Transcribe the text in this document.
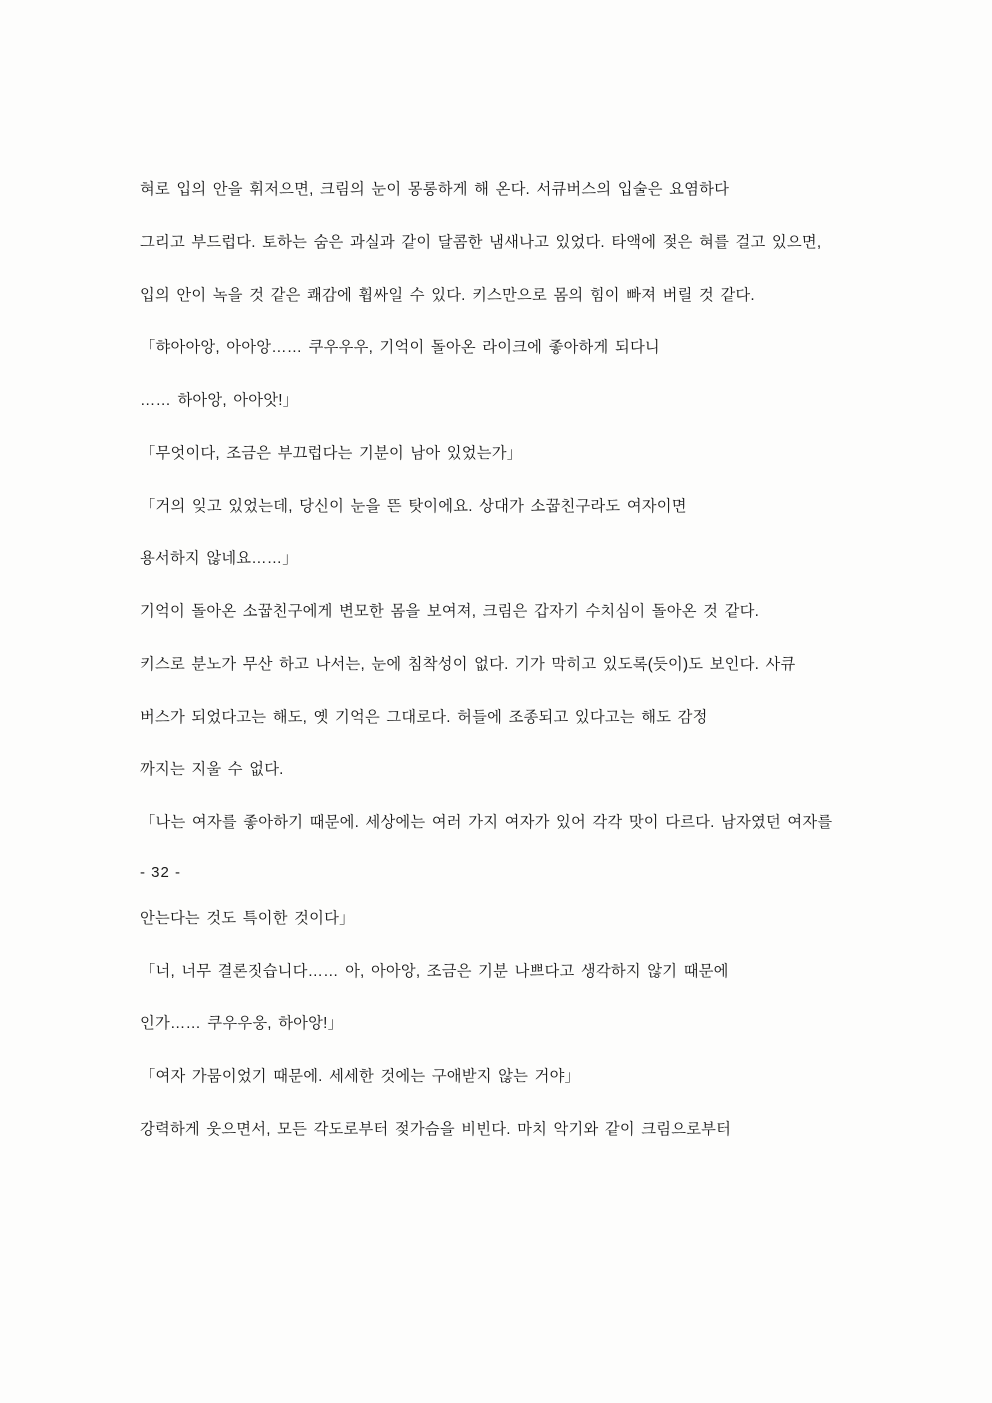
혀로 입의 안을 휘저으면, 크림의 눈이 몽롱하게 해 온다. 서큐버스의 입술은 요염하다

그리고 부드럽다. 토하는 숨은 과실과 같이 달콤한 냄새나고 있었다. 타액에 젖은 혀를 걸고 있으면,

입의 안이 녹을 것 같은 쾌감에 휩싸일 수 있다. 키스만으로 몸의 힘이 빠져 버릴 것 같다.

「햐아아앙, 아아앙…… 쿠우우우, 기억이 돌아온 라이크에 좋아하게 되다니

…… 하아앙, 아아앗!」

「무엇이다, 조금은 부끄럽다는 기분이 남아 있었는가」

「거의 잊고 있었는데, 당신이 눈을 뜬 탓이에요. 상대가 소꿉친구라도 여자이면

용서하지 않네요……」

기억이 돌아온 소꿉친구에게 변모한 몸을 보여져, 크림은 갑자기 수치심이 돌아온 것 같다.

키스로 분노가 무산 하고 나서는, 눈에 침착성이 없다. 기가 막히고 있도록(듯이)도 보인다. 사큐

버스가 되었다고는 해도, 옛 기억은 그대로다. 허들에 조종되고 있다고는 해도 감정

까지는 지울 수 없다.

「나는 여자를 좋아하기 때문에. 세상에는 여러 가지 여자가 있어 각각 맛이 다르다. 남자였던 여자를

- 32 -

안는다는 것도 특이한 것이다」

「너, 너무 결론짓습니다…… 아, 아아앙, 조금은 기분 나쁘다고 생각하지 않기 때문에

인가…… 쿠우우웅, 하아앙!」

「여자 가뭄이었기 때문에. 세세한 것에는 구애받지 않는 거야」

강력하게 웃으면서, 모든 각도로부터 젖가슴을 비빈다. 마치 악기와 같이 크림으로부터
